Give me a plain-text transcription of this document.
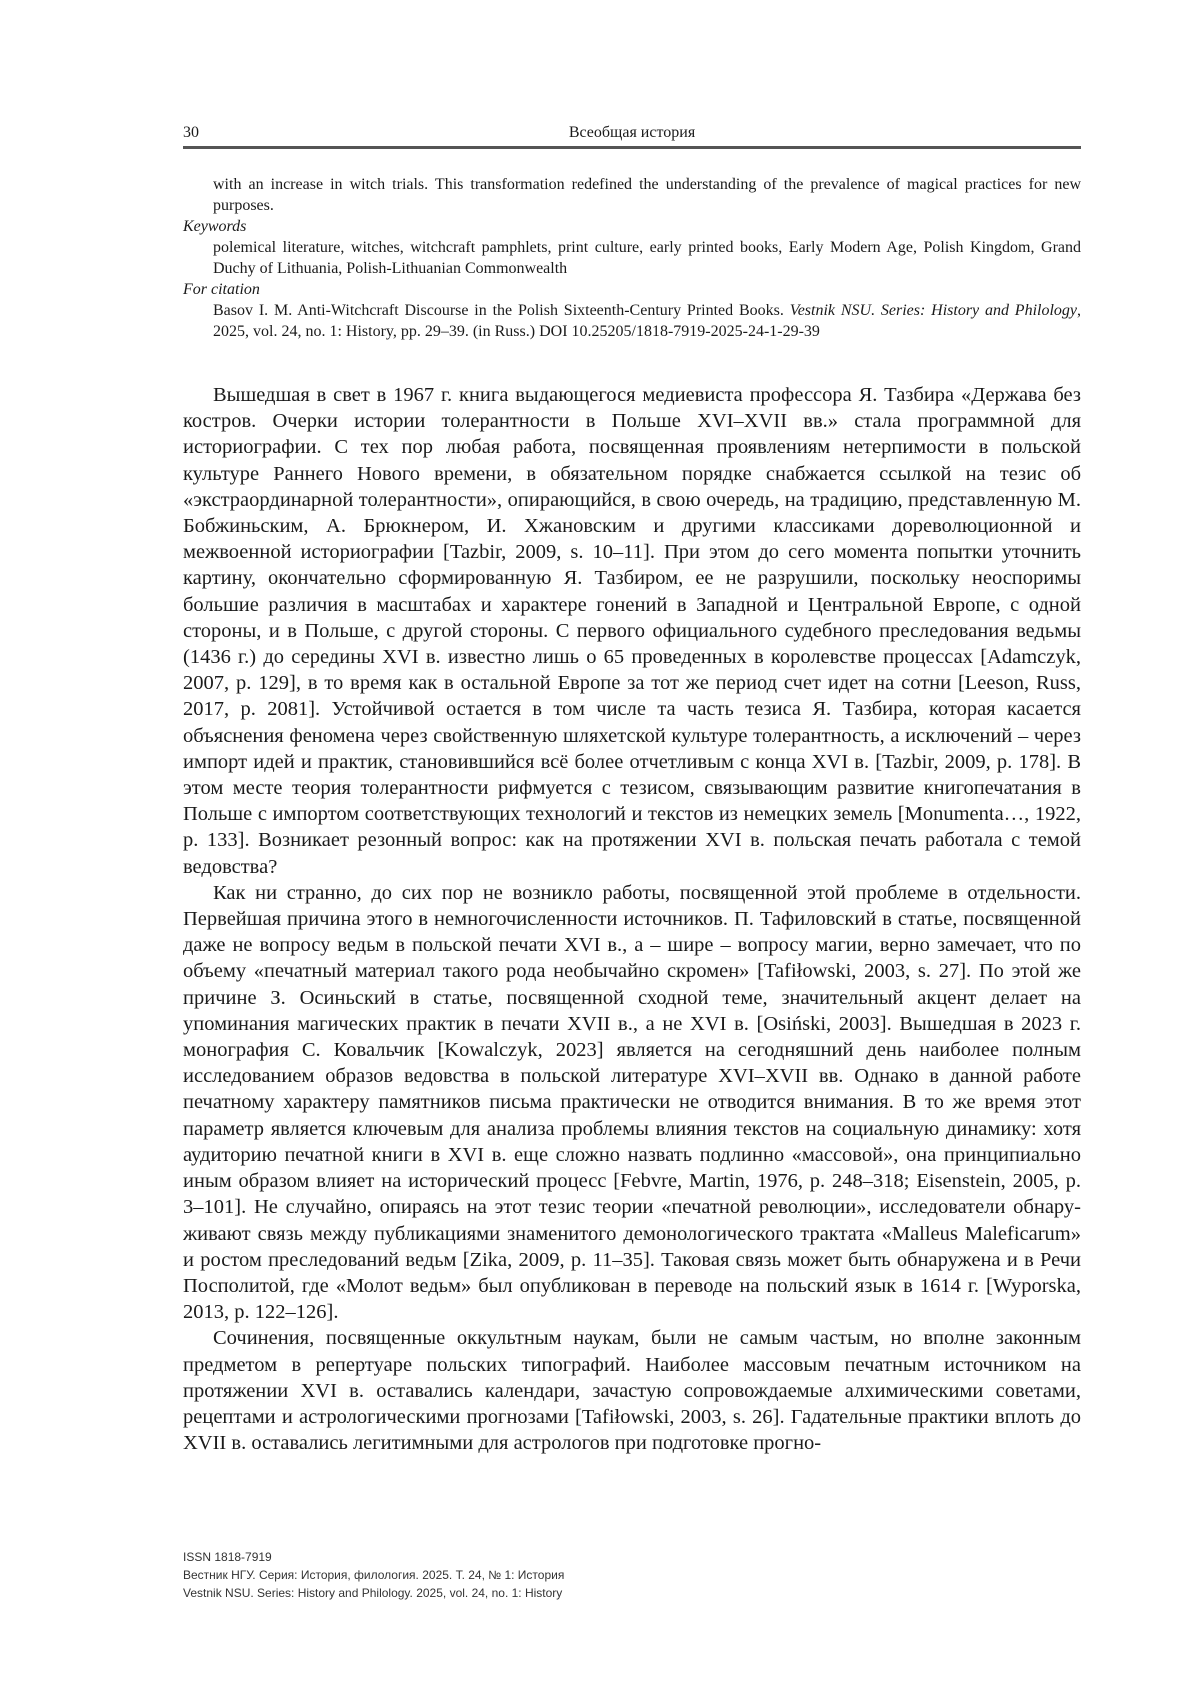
30	Всеобщая история
with an increase in witch trials. This transformation redefined the understanding of the prevalence of magical practices for new purposes.
Keywords
polemical literature, witches, witchcraft pamphlets, print culture, early printed books, Early Modern Age, Polish Kingdom, Grand Duchy of Lithuania, Polish-Lithuanian Commonwealth
For citation
Basov I. M. Anti-Witchcraft Discourse in the Polish Sixteenth-Century Printed Books. Vestnik NSU. Series: History and Philology, 2025, vol. 24, no. 1: History, pp. 29–39. (in Russ.) DOI 10.25205/1818-7919-2025-24-1-29-39

Вышедшая в свет в 1967 г. книга выдающегося медиевиста профессора Я. Тазбира «Держава без костров. Очерки истории толерантности в Польше XVI–XVII вв.» стала программной для историографии. С тех пор любая работа, посвященная проявлениям нетерпимости в польской культуре Раннего Нового времени, в обязательном порядке снабжается ссылкой на тезис об «экстраординарной толерантности», опирающийся, в свою очередь, на традицию, представленную М. Бобжиньским, А. Брюкнером, И. Хжановским и другими классиками дореволюционной и межвоенной историографии [Tazbir, 2009, s. 10–11]. При этом до сего момента попытки уточнить картину, окончательно сформированную Я. Тазбиром, ее не разрушили, поскольку неоспоримы большие различия в масштабах и характере гонений в Западной и Центральной Европе, с одной стороны, и в Польше, с другой стороны. С первого официального судебного преследования ведьмы (1436 г.) до середины XVI в. известно лишь о 65 проведенных в королевстве процессах [Adamczyk, 2007, p. 129], в то время как в остальной Европе за тот же период счет идет на сотни [Leeson, Russ, 2017, p. 2081]. Устойчивой остается в том числе та часть тезиса Я. Тазбира, которая касается объяснения феномена через свойственную шляхетской культуре толерантность, а исключений – через импорт идей и практик, становившийся всё более отчетливым с конца XVI в. [Tazbir, 2009, p. 178]. В этом месте теория толерантности рифмуется с тезисом, связывающим развитие книгопечатания в Польше с импортом соответствующих технологий и текстов из немецких земель [Monumenta…, 1922, p. 133]. Возникает резонный вопрос: как на протяжении XVI в. польская печать работала с темой ведовства?

Как ни странно, до сих пор не возникло работы, посвященной этой проблеме в отдельности. Первейшая причина этого в немногочисленности источников. П. Тафиловский в статье, посвященной даже не вопросу ведьм в польской печати XVI в., а – шире – вопросу магии, верно замечает, что по объему «печатный материал такого рода необычайно скромен» [Tafiłowski, 2003, s. 27]. По этой же причине З. Осиньский в статье, посвященной сходной теме, значительный акцент делает на упоминания магических практик в печати XVII в., а не XVI в. [Osiński, 2003]. Вышедшая в 2023 г. монография С. Ковальчик [Kowalczyk, 2023] является на сегодняшний день наиболее полным исследованием образов ведовства в польской литературе XVI–XVII вв. Однако в данной работе печатному характеру памятников письма практически не отводится внимания. В то же время этот параметр является ключевым для анализа проблемы влияния текстов на социальную динамику: хотя аудиторию печатной книги в XVI в. еще сложно назвать подлинно «массовой», она принципиально иным образом влияет на исторический процесс [Febvre, Martin, 1976, p. 248–318; Eisenstein, 2005, p. 3–101]. Не случайно, опираясь на этот тезис теории «печатной революции», исследователи обнаруживают связь между публикациями знаменитого демонологического трактата «Malleus Maleficarum» и ростом преследований ведьм [Zika, 2009, p. 11–35]. Таковая связь может быть обнаружена и в Речи Посполитой, где «Молот ведьм» был опубликован в переводе на польский язык в 1614 г. [Wyporska, 2013, p. 122–126].

Сочинения, посвященные оккультным наукам, были не самым частым, но вполне законным предметом в репертуаре польских типографий. Наиболее массовым печатным источником на протяжении XVI в. оставались календари, зачастую сопровождаемые алхимическими советами, рецептами и астрологическими прогнозами [Tafiłowski, 2003, s. 26]. Гадательные практики вплоть до XVII в. оставались легитимными для астрологов при подготовке прогно-

ISSN 1818-7919
Вестник НГУ. Серия: История, филология. 2025. Т. 24, № 1: История
Vestnik NSU. Series: History and Philology. 2025, vol. 24, no. 1: History
